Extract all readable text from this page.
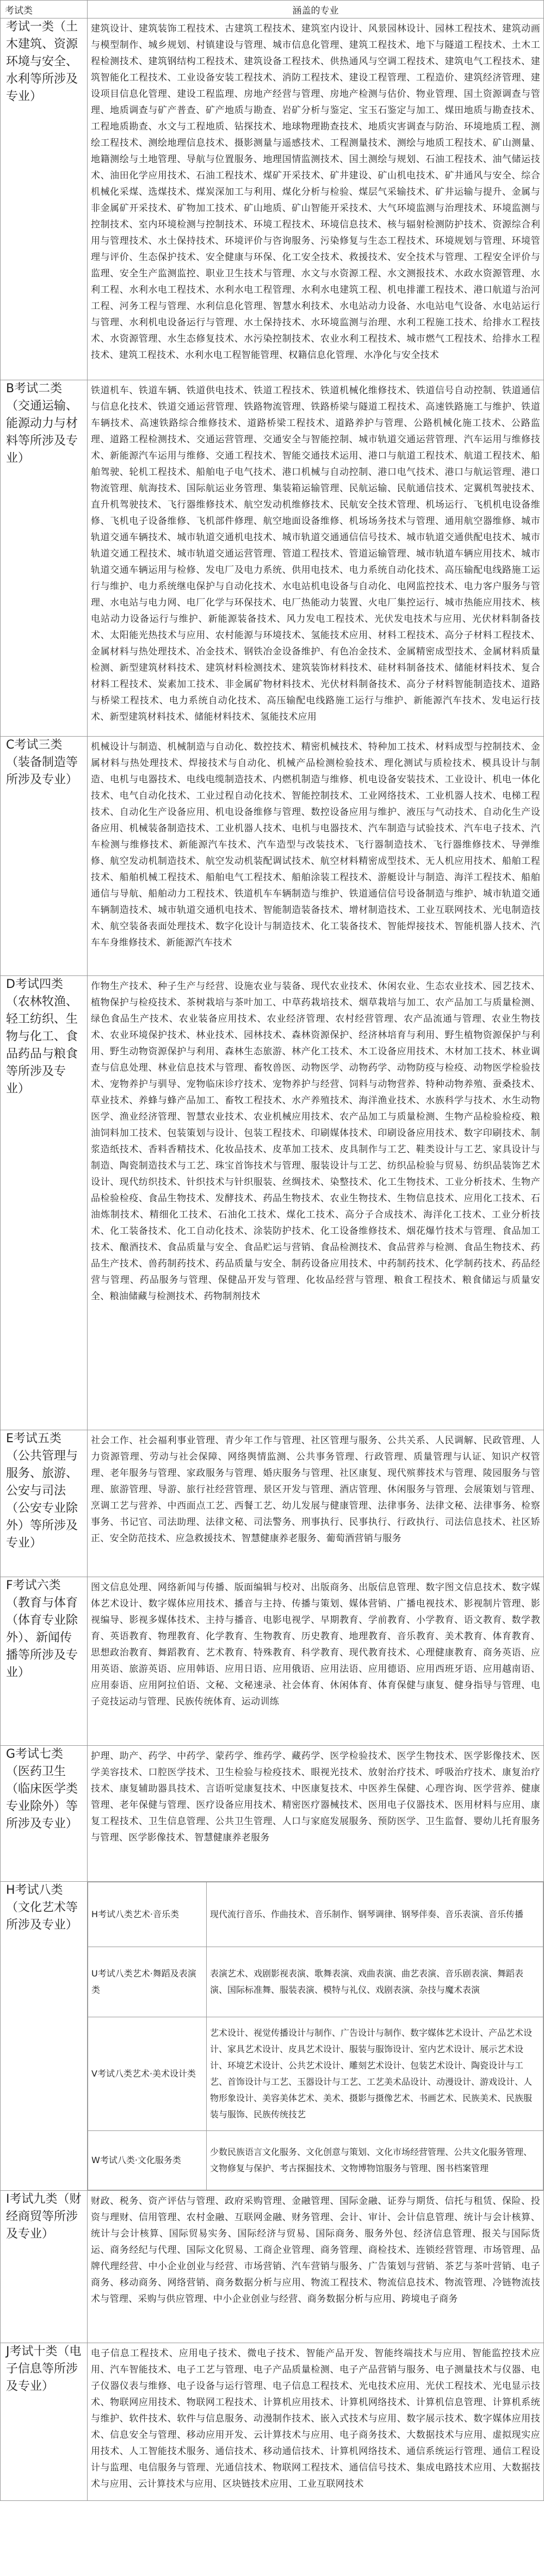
考试类	涵盖的专业
考试一类（土木建筑、资源环境与安全、水利等所涉及专业）	建筑设计、建筑装饰工程技术、古建筑工程技术、建筑室内设计、风景园林设计、园林工程技术、建筑动画与模型制作、城乡规划、村镇建设与管理、城市信息化管理、建筑工程技术、地下与隧道工程技术、土木工程检测技术、建筑钢结构工程技术、建筑设备工程技术、供热通风与空调工程技术、建筑电气工程技术、建筑智能化工程技术、工业设备安装工程技术、消防工程技术、建设工程管理、工程造价、建筑经济管理、建设项目信息化管理、建设工程监理、房地产经营与管理、房地产检测与估价、物业管理、国土资源调查与管理、地质调查与矿产普查、矿产地质与勘查、岩矿分析与鉴定、宝玉石鉴定与加工、煤田地质与勘查技术、工程地质勘查、水文与工程地质、钻探技术、地球物理勘查技术、地质灾害调查与防治、环境地质工程、测绘工程技术、测绘地理信息技术、摄影测量与遥感技术、工程测量技术、测绘与地质工程技术、矿山测量、地籍测绘与土地管理、导航与位置服务、地理国情监测技术、国土测绘与规划、石油工程技术、油气储运技术、油田化学应用技术、石油工程技术、煤矿开采技术、矿井建设、矿山机电技术、矿井通风与安全、综合机械化采煤、选煤技术、煤炭深加工与利用、煤化分析与检验、煤层气采输技术、矿井运输与提升、金属与非金属矿开采技术、矿物加工技术、矿山地质、矿山智能开采技术、大气环境监测与治理技术、环境监测与控制技术、室内环境检测与控制技术、环境工程技术、环境信息技术、核与辐射检测防护技术、资源综合利用与管理技术、水土保持技术、环境评价与咨询服务、污染修复与生态工程技术、环境规划与管理、环境管理与评价、生态保护技术、安全健康与环保、化工安全技术、救援技术、安全技术与管理、工程安全评价与监理、安全生产监测监控、职业卫生技术与管理、水文与水资源工程、水文测报技术、水政水资源管理、水利工程、水利水电工程技术、水利水电工程管理、水利水电建筑工程、机电排灌工程技术、港口航道与治河工程、河务工程与管理、水利信息化管理、智慧水利技术、水电站动力设备、水电站电气设备、水电站运行与管理、水利机电设备运行与管理、水土保持技术、水环境监测与治理、水利工程施工技术、给排水工程技术、水资源管理、水生态修复技术、水污染控制技术、农业水利工程技术、城市燃气工程技术、给排水工程技术、建筑工程技术、水利水电工程智能管理、权籍信息化管理、水净化与安全技术
B考试二类（交通运输、能源动力与材料等所涉及专业）	铁道机车、铁道车辆、铁道供电技术、铁道工程技术、铁道机械化维修技术、铁道信号自动控制、铁道通信与信息化技术、铁道交通运营管理、铁路物流管理、铁路桥梁与隧道工程技术、高速铁路施工与维护、铁道车辆技术、高速铁路综合维修技术、道路桥梁工程技术、道路养护与管理、公路机械化施工技术、公路监理、道路工程检测技术、交通运营管理、交通安全与智能控制、城市轨道交通运营管理、汽车运用与维修技术、新能源汽车运用与维修、交通工程技术、智能交通技术运用、港口与航道工程技术、航道工程技术、船舶驾驶、轮机工程技术、船舶电子电气技术、港口机械与自动控制、港口电气技术、港口与航运管理、港口物流管理、航海技术、国际航运业务管理、集装箱运输管理、民航运输、民航通信技术、定翼机驾驶技术、直升机驾驶技术、飞行器维修技术、航空发动机维修技术、民航安全技术管理、机场运行、飞机机电设备维修、飞机电子设备维修、飞机部件修理、航空地面设备维修、机场场务技术与管理、通用航空器维修、城市轨道交通车辆技术、城市轨道交通机电技术、城市轨道交通通信信号技术、城市轨道交通供配电技术、城市轨道交通工程技术、城市轨道交通运营管理、管道工程技术、管道运输管理、城市轨道车辆应用技术、城市轨道交通车辆运用与检修、发电厂及电力系统、供用电技术、电力系统自动化技术、高压输配电线路施工运行与维护、电力系统继电保护与自动化技术、水电站机电设备与自动化、电网监控技术、电力客户服务与管理、水电站与电力网、电厂化学与环保技术、电厂热能动力装置、火电厂集控运行、城市热能应用技术、核电站动力设备运行与维护、新能源装备技术、风力发电工程技术、光伏发电技术与应用、光伏材料制备技术、太阳能光热技术与应用、农村能源与环境技术、氢能技术应用、材料工程技术、高分子材料工程技术、金属材料与热处理技术、冶金技术、钢铁冶金设备维护、有色冶金技术、金属精密成型技术、金属材料质量检测、新型建筑材料技术、建筑材料检测技术、建筑装饰材料技术、硅材料制备技术、储能材料技术、复合材料工程技术、炭素加工技术、非金属矿物材料技术、光伏材料制备技术、高分子材料智能制造技术、道路与桥梁工程技术、电力系统自动化技术、高压输配电线路施工运行与维护、新能源汽车技术、发电运行技术、新型建筑材料技术、储能材料技术、氢能技术应用
C考试三类（装备制造等所涉及专业）	机械设计与制造、机械制造与自动化、数控技术、精密机械技术、特种加工技术、材料成型与控制技术、金属材料与热处理技术、焊接技术与自动化、机械产品检测检验技术、理化测试与质检技术、模具设计与制造、电机与电器技术、电线电缆制造技术、内燃机制造与维修、机电设备安装技术、工业设计、机电一体化技术、电气自动化技术、工业过程自动化技术、智能控制技术、工业网络技术、工业机器人技术、电梯工程技术、自动化生产设备应用、机电设备维修与管理、数控设备应用与维护、液压与气动技术、自动化生产设备应用、机械装备制造技术、工业机器人技术、电机与电器技术、汽车制造与试验技术、汽车电子技术、汽车检测与维修技术、新能源汽车技术、汽车造型与改装技术、飞行器制造技术、飞行器维修技术、导弹维修、航空发动机制造技术、航空发动机装配调试技术、航空材料精密成型技术、无人机应用技术、船舶工程技术、船舶机械工程技术、船舶电气工程技术、船舶涂装工程技术、游艇设计与制造、海洋工程技术、船舶通信与导航、船舶动力工程技术、铁道机车车辆制造与维护、铁道通信信号设备制造与维护、城市轨道交通车辆制造技术、城市轨道交通机电技术、智能制造装备技术、增材制造技术、工业互联网技术、光电制造技术、航空装备表面处理技术、数字化设计与制造技术、化工装备技术、智能焊接技术、智能机器人技术、汽车车身维修技术、新能源汽车技术
D考试四类（农林牧渔、轻工纺织、生物与化工、食品药品与粮食等所涉及专业）	作物生产技术、种子生产与经营、设施农业与装备、现代农业技术、休闲农业、生态农业技术、园艺技术、植物保护与检疫技术、茶树栽培与茶叶加工、中草药栽培技术、烟草栽培与加工、农产品加工与质量检测、绿色食品生产技术、农业装备应用技术、农业经济管理、农村经营管理、农产品流通与管理、农业生物技术、农业环境保护技术、林业技术、园林技术、森林资源保护、经济林培育与利用、野生植物资源保护与利用、野生动物资源保护与利用、森林生态旅游、林产化工技术、木工设备应用技术、木材加工技术、林业调查与信息处理、林业信息技术与管理、畜牧兽医、动物医学、动物药学、动物防疫与检疫、动物医学检验技术、宠物养护与驯导、宠物临床诊疗技术、宠物养护与经营、饲料与动物营养、特种动物养殖、蚕桑技术、草业技术、养蜂与蜂产品加工、畜牧工程技术、水产养殖技术、海洋渔业技术、水族科学与技术、水生动物医学、渔业经济管理、智慧农业技术、农业机械应用技术、农产品加工与质量检测、生物产品检验检疫、粮油饲料加工技术、包装策划与设计、包装工程技术、印刷媒体技术、印刷设备应用技术、数字印刷技术、制浆造纸技术、香料香精技术、化妆品技术、皮革加工技术、皮具制作与工艺、鞋类设计与工艺、家具设计与制造、陶瓷制造技术与工艺、珠宝首饰技术与管理、服装设计与工艺、纺织品检验与贸易、纺织品装饰艺术设计、现代纺织技术、针织技术与针织服装、丝绸技术、染整技术、化工生物技术、工业分析技术、生物产品检验检疫、食品生物技术、发酵技术、药品生物技术、农业生物技术、生物信息技术、应用化工技术、石油炼制技术、精细化工技术、石油化工技术、煤化工技术、高分子合成技术、海洋化工技术、工业分析技术、化工装备技术、化工自动化技术、涂装防护技术、化工设备维修技术、烟花爆竹技术与管理、食品加工技术、酿酒技术、食品质量与安全、食品贮运与营销、食品检测技术、食品营养与检测、食品生物技术、药品生产技术、兽药制药技术、药品质量与安全、制药设备应用技术、中药制药技术、化学制药技术、药品经营与管理、药品服务与管理、保健品开发与管理、化妆品经营与管理、粮食工程技术、粮食储运与质量安全、粮油储藏与检测技术、药物制剂技术
E考试五类（公共管理与服务、旅游、公安与司法（公安专业除外）等所涉及专业）	社会工作、社会福利事业管理、青少年工作与管理、社区管理与服务、公共关系、人民调解、民政管理、人力资源管理、劳动与社会保障、网络舆情监测、公共事务管理、行政管理、质量管理与认证、知识产权管理、老年服务与管理、家政服务与管理、婚庆服务与管理、社区康复、现代殡葬技术与管理、陵园服务与管理、旅游管理、导游、旅行社经营管理、景区开发与管理、酒店管理、休闲服务与管理、会展策划与管理、烹调工艺与营养、中西面点工艺、西餐工艺、幼儿发展与健康管理、法律事务、法律文秘、法律事务、检察事务、书记官、司法助理、法律文秘、司法警务、刑事执行、民事执行、行政执行、司法信息技术、社区矫正、安全防范技术、应急救援技术、智慧健康养老服务、葡萄酒营销与服务
F考试六类（教育与体育（体育专业除外）、新闻传播等所涉及专业）	图文信息处理、网络新闻与传播、版面编辑与校对、出版商务、出版信息管理、数字图文信息技术、数字媒体艺术设计、数字媒体应用技术、播音与主持、传播与策划、媒体营销、广播电视技术、影视制片管理、影视编导、影视多媒体技术、主持与播音、电影电视学、早期教育、学前教育、小学教育、语文教育、数学教育、英语教育、物理教育、化学教育、生物教育、历史教育、地理教育、音乐教育、美术教育、体育教育、思想政治教育、舞蹈教育、艺术教育、特殊教育、科学教育、现代教育技术、心理健康教育、商务英语、应用英语、旅游英语、应用韩语、应用日语、应用俄语、应用法语、应用德语、应用西班牙语、应用越南语、应用泰语、应用阿拉伯语、文秘、文秘速录、社会体育、休闲体育、体育保健与康复、健身指导与管理、电子竞技运动与管理、民族传统体育、运动训练
G考试七类（医药卫生（临床医学类专业除外）等所涉及专业）	护理、助产、药学、中药学、蒙药学、维药学、藏药学、医学检验技术、医学生物技术、医学影像技术、医学美容技术、口腔医学技术、卫生检验与检疫技术、眼视光技术、放射治疗技术、呼吸治疗技术、康复治疗技术、康复辅助器具技术、言语听觉康复技术、中医康复技术、中医养生保健、心理咨询、医学营养、健康管理、老年保健与管理、医疗设备应用技术、精密医疗器械技术、医用电子仪器技术、医用材料与应用、康复工程技术、卫生信息管理、公共卫生管理、人口与家庭发展服务、预防医学、卫生监督、婴幼儿托育服务与管理、医学影像技术、智慧健康养老服务
H考试八类（文化艺术等所涉及专业）	
H考试八类艺术·音乐类	现代流行音乐、作曲技术、音乐制作、钢琴调律、钢琴伴奏、音乐表演、音乐传播
U考试八类艺术·舞蹈及表演类	表演艺术、戏剧影视表演、歌舞表演、戏曲表演、曲艺表演、音乐剧表演、舞蹈表演、国际标准舞、服装表演、模特与礼仪、戏剧表演、杂技与魔术表演
V考试八类艺术·美术设计类	艺术设计、视觉传播设计与制作、广告设计与制作、数字媒体艺术设计、产品艺术设计、家具艺术设计、皮具艺术设计、服装与服饰设计、室内艺术设计、展示艺术设计、环境艺术设计、公共艺术设计、雕刻艺术设计、包装艺术设计、陶瓷设计与工艺、首饰设计与工艺、玉器设计与工艺、工艺美术品设计、动漫设计、游戏设计、人物形象设计、美容美体艺术、美术、摄影与摄像艺术、书画艺术、民族美术、民族服装与服饰、民族传统技艺
W考试八类·文化服务类	少数民族语言文化服务、文化创意与策划、文化市场经营管理、公共文化服务管理、文物修复与保护、考古探掘技术、文物博物馆服务与管理、图书档案管理

I考试九类（财经商贸等所涉及专业）	财政、税务、资产评估与管理、政府采购管理、金融管理、国际金融、证券与期货、信托与租赁、保险、投资与理财、信用管理、农村金融、互联网金融、财务管理、会计、审计、会计信息管理、统计与会计核算、统计与会计核算、国际贸易实务、国际经济与贸易、国际商务、服务外包、经济信息管理、报关与国际货运、商务经纪与代理、国际文化贸易、工商企业管理、商务管理、商检技术、连锁经营管理、市场管理、品牌代理经营、中小企业创业与经营、市场营销、汽车营销与服务、广告策划与营销、茶艺与茶叶营销、电子商务、移动商务、网络营销、商务数据分析与应用、物流工程技术、物流信息技术、物流管理、冷链物流技术与管理、采购与供应管理、中小企业创业与经营、商务数据分析与应用、跨境电子商务
J考试十类（电子信息等所涉及专业）	电子信息工程技术、应用电子技术、微电子技术、智能产品开发、智能终端技术与应用、智能监控技术应用、汽车智能技术、电子工艺与管理、电子产品质量检测、电子产品营销与服务、电子测量技术与仪器、电子仪器仪表与维修、电子设备与运行管理、电子信息工程技术、光电技术应用、光伏工程技术、光电显示技术、物联网应用技术、物联网工程技术、计算机应用技术、计算机网络技术、计算机信息管理、计算机系统与维护、软件技术、软件与信息服务、动漫制作技术、嵌入式技术与应用、数字展示技术、数字媒体应用技术、信息安全与管理、移动应用开发、云计算技术与应用、电子商务技术、大数据技术与应用、虚拟现实应用技术、人工智能技术服务、通信技术、移动通信技术、计算机网络技术、通信系统运行管理、通信工程设计与监理、电信服务与管理、光通信技术、物联网工程技术、通信信号技术、集成电路技术应用、大数据技术与应用、云计算技术与应用、区块链技术应用、工业互联网技术
